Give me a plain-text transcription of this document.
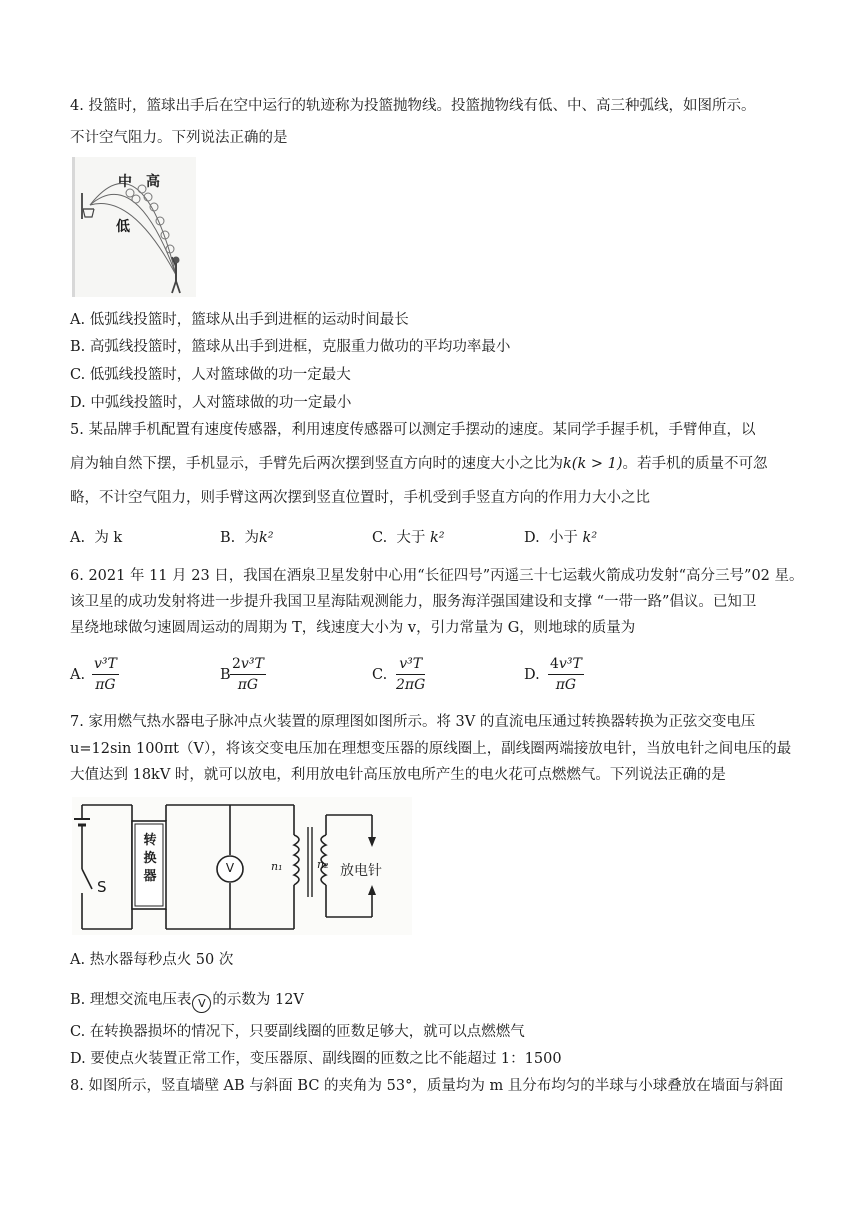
4. 投篮时，篮球出手后在空中运行的轨迹称为投篮抛物线。投篮抛物线有低、中、高三种弧线，如图所示。
不计空气阻力。下列说法正确的是
中 高
低
A. 低弧线投篮时，篮球从出手到进框的运动时间最长
B. 高弧线投篮时，篮球从出手到进框，克服重力做功的平均功率最小
C. 低弧线投篮时，人对篮球做的功一定最大
D. 中弧线投篮时，人对篮球做的功一定最小
5. 某品牌手机配置有速度传感器，利用速度传感器可以测定手摆动的速度。某同学手握手机，手臂伸直，以
肩为轴自然下摆，手机显示，手臂先后两次摆到竖直方向时的速度大小之比为k(k > 1)。若手机的质量不可忽
略，不计空气阻力，则手臂这两次摆到竖直位置时，手机受到手竖直方向的作用力大小之比
A. 为 k	B. 为k²	C. 大于 k²	D. 小于 k²
6. 2021 年 11 月 23 日，我国在酒泉卫星发射中心用“长征四号”丙遥三十七运载火箭成功发射“高分三号”02 星。
该卫星的成功发射将进一步提升我国卫星海陆观测能力，服务海洋强国建设和支撑 “一带一路”倡议。已知卫
星绕地球做匀速圆周运动的周期为 T，线速度大小为 v，引力常量为 G，则地球的质量为
A. $\frac{\text{v³T}}{\pi G}$	B $\frac{\text{2v³T}}{\pi G}$	C. $\frac{\text{v³T}}{2\pi G}$	D. $\frac{\text{4v³T}}{\pi G}$
7. 家用燃气热水器电子脉冲点火装置的原理图如图所示。将 3V 的直流电压通过转换器转换为正弦交变电压
u=12sin 100πt（V），将该交变电压加在理想变压器的原线圈上，副线圈两端接放电针，当放电针之间电压的最
大值达到 18kV 时，就可以放电，利用放电针高压放电所产生的电火花可点燃燃气。下列说法正确的是
S
转
换
器
V	n₁	n₂ 放电针
A. 热水器每秒点火 50 次
B. 理想交流电压表 V 的示数为 12V
C. 在转换器损坏的情况下，只要副线圈的匝数足够大，就可以点燃燃气
D. 要使点火装置正常工作，变压器原、副线圈的匝数之比不能超过 1：1500
8. 如图所示，竖直墙壁 AB 与斜面 BC 的夹角为 53°，质量均为 m 且分布均匀的半球与小球叠放在墙面与斜面
